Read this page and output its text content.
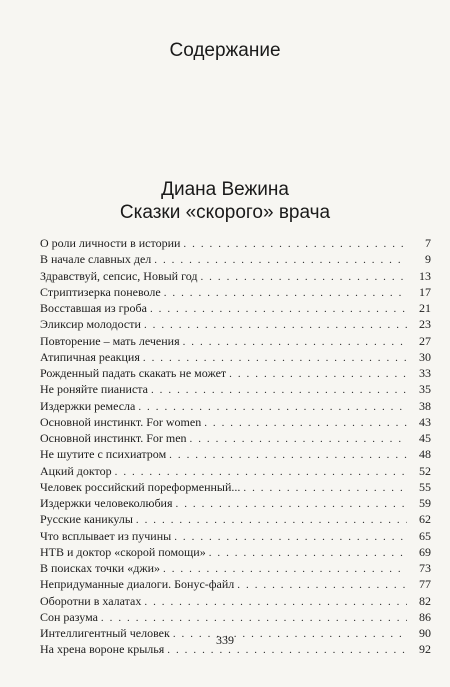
Содержание
Диана Вежина
Сказки «скорого» врача
О роли личности в истории . . .	7
В начале славных дел . . .	9
Здравствуй, сепсис, Новый год . . .	13
Стриптизерка поневоле . . .	17
Восставшая из гроба . . .	21
Эликсир молодости . . .	23
Повторение – мать лечения . . .	27
Атипичная реакция . . .	30
Рожденный падать скакать не может . . .	33
Не роняйте пианиста . . .	35
Издержки ремесла . . .	38
Основной инстинкт. For women . . .	43
Основной инстинкт. For men . . .	45
Не шутите с психиатром . . .	48
Ацкий доктор . . .	52
Человек российский пореформенный... . . .	55
Издержки человеколюбия . . .	59
Русские каникулы . . .	62
Что всплывает из пучины . . .	65
НТВ и доктор «скорой помощи» . . .	69
В поисках точки «джи» . . .	73
Непридуманные диалоги. Бонус-файл . . .	77
Оборотни в халатах . . .	82
Сон разума . . .	86
Интеллигентный человек . . .	90
На хрена вороне крылья . . .	92
339
